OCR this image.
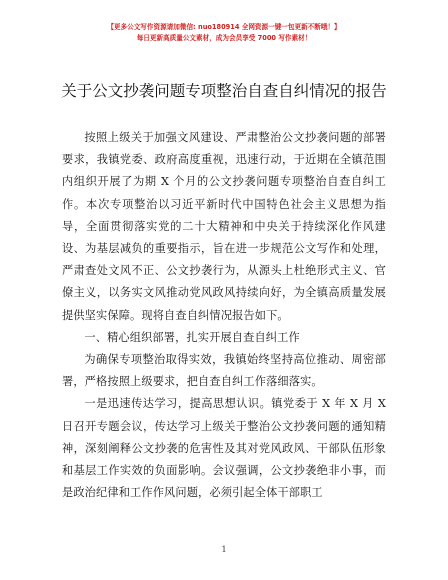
【更多公文写作资源请加微信: nuo180914 全网资源一键一包更新不断哦！】
每日更新高质量公文素材，成为会员享受 7000 写作素材！
关于公文抄袭问题专项整治自查自纠情况的报告

按照上级关于加强文风建设、严肃整治公文抄袭问题的部署要求，我镇党委、政府高度重视，迅速行动，于近期在全镇范围内组织开展了为期 X 个月的公文抄袭问题专项整治自查自纠工作。本次专项整治以习近平新时代中国特色社会主义思想为指导，全面贯彻落实党的二十大精神和中央关于持续深化作风建设、为基层减负的重要指示，旨在进一步规范公文写作和处理，严肃查处文风不正、公文抄袭行为，从源头上杜绝形式主义、官僚主义，以务实文风推动党风政风持续向好，为全镇高质量发展提供坚实保障。现将自查自纠情况报告如下。

一、精心组织部署，扎实开展自查自纠工作

为确保专项整治取得实效，我镇始终坚持高位推动、周密部署，严格按照上级要求，把自查自纠工作落细落实。

一是迅速传达学习，提高思想认识。镇党委于 X 年 X 月 X 日召开专题会议，传达学习上级关于整治公文抄袭问题的通知精神，深刻阐释公文抄袭的危害性及其对党风政风、干部队伍形象和基层工作实效的负面影响。会议强调，公文抄袭绝非小事，而是政治纪律和工作作风问题，必须引起全体干部职工

1
